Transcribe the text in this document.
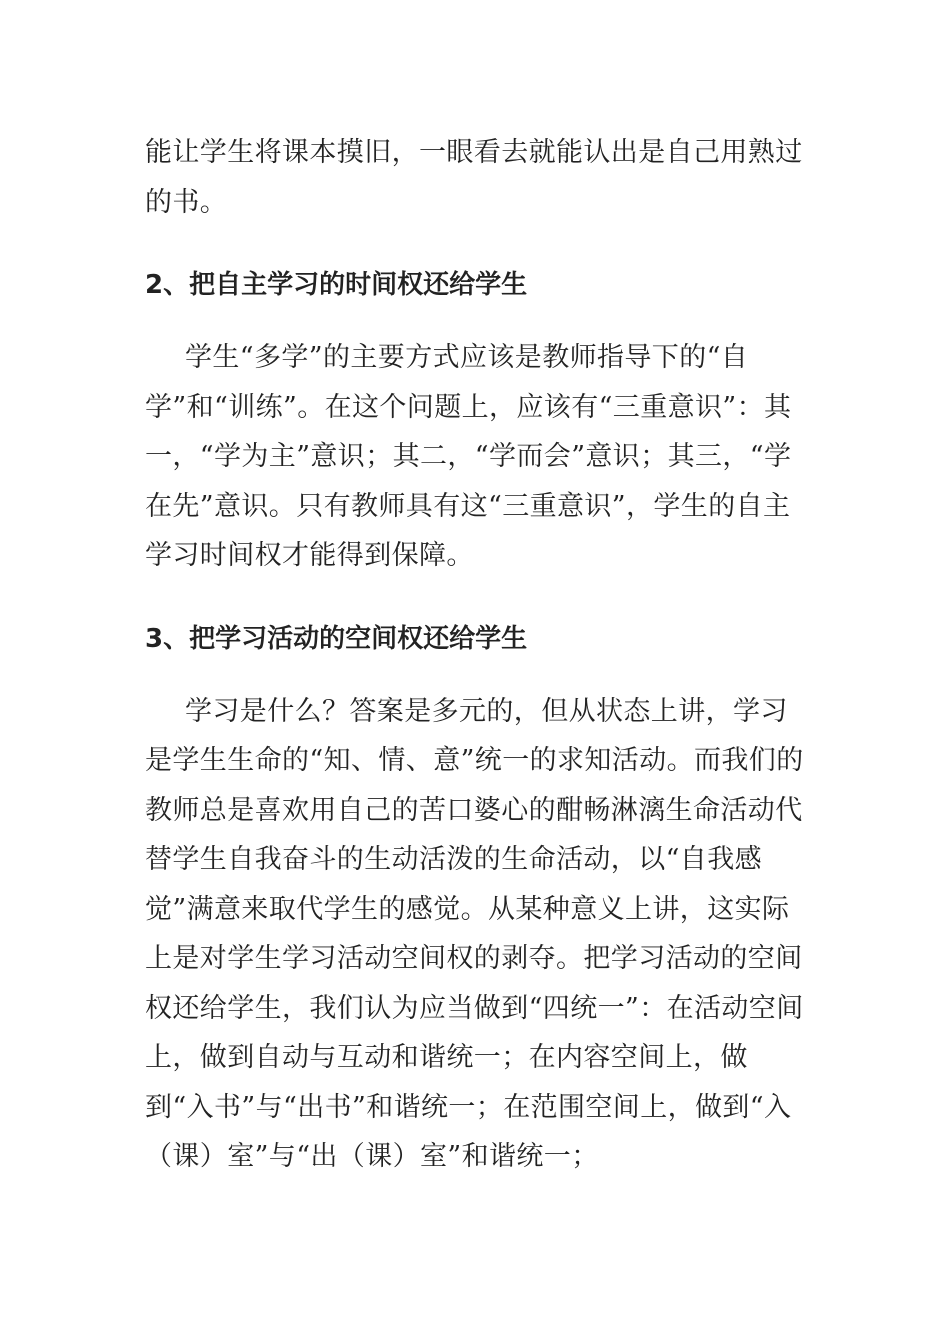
能让学生将课本摸旧，一眼看去就能认出是自己用熟过的书。

2、把自主学习的时间权还给学生

学生“多学”的主要方式应该是教师指导下的“自学”和“训练”。在这个问题上，应该有“三重意识”：其一，“学为主”意识；其二，“学而会”意识；其三，“学在先”意识。只有教师具有这“三重意识”，学生的自主学习时间权才能得到保障。

3、把学习活动的空间权还给学生

学习是什么？答案是多元的，但从状态上讲，学习是学生生命的“知、情、意”统一的求知活动。而我们的教师总是喜欢用自己的苦口婆心的酣畅淋漓生命活动代替学生自我奋斗的生动活泼的生命活动，以“自我感觉”满意来取代学生的感觉。从某种意义上讲，这实际上是对学生学习活动空间权的剥夺。把学习活动的空间权还给学生，我们认为应当做到“四统一”：在活动空间上，做到自动与互动和谐统一；在内容空间上，做到“入书”与“出书”和谐统一；在范围空间上，做到“入（课）室”与“出（课）室”和谐统一；
